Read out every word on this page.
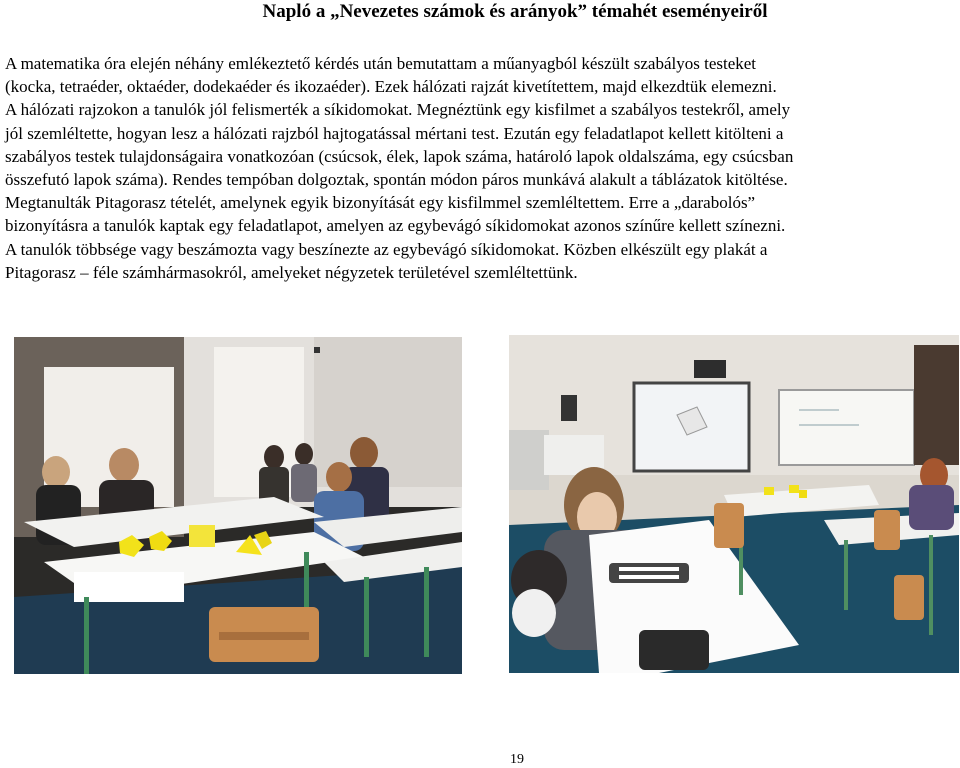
Napló a „Nevezetes számok és arányok” témahét eseményeiről

A matematika óra elején néhány emlékeztető kérdés után bemutattam a műanyagból készült szabályos testeket
(kocka, tetraéder, oktaéder, dodekaéder és ikozaéder). Ezek hálózati rajzát kivetítettem, majd elkezdtük elemezni.
A hálózati rajzokon a tanulók jól felismerték a síkidomokat. Megnéztünk egy kisfilmet a szabályos testekről, amely
jól szemléltette, hogyan lesz a hálózati rajzból hajtogatással mértani test. Ezután egy feladatlapot kellett kitölteni a
szabályos testek tulajdonságaira vonatkozóan (csúcsok, élek, lapok száma, határoló lapok oldalszáma, egy csúcsban
összefutó lapok száma). Rendes tempóban dolgoztak, spontán módon páros munkává alakult a táblázatok kitöltése.
Megtanulták Pitagorasz tételét, amelynek egyik bizonyítását egy kisfilmmel szemléltettem. Erre a „darabolós”
bizonyításra a tanulók kaptak egy feladatlapot, amelyen az egybevágó síkidomokat azonos színűre kellett színezni.
A tanulók többsége vagy beszámozta vagy beszínezte az egybevágó síkidomokat. Közben elkészült egy plakát a
Pitagorasz – féle számhármasokról, amelyeket négyzetek területével szemléltettünk.

19
